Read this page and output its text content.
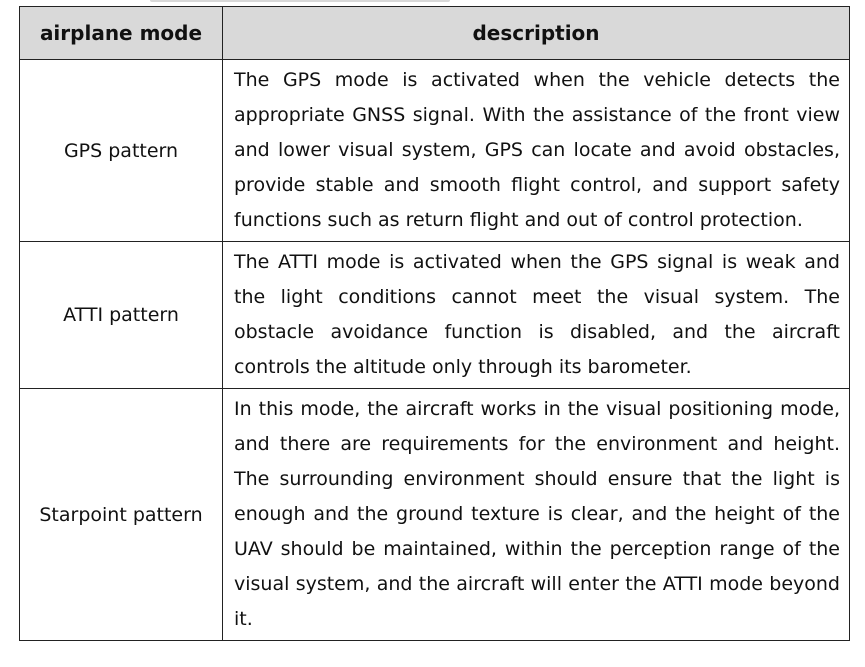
airplane mode	description
GPS pattern	The GPS mode is activated when the vehicle detects the appropriate GNSS signal. With the assistance of the front view and lower visual system, GPS can locate and avoid obstacles, provide stable and smooth flight control, and support safety functions such as return flight and out of control protection.

ATTI pattern	The ATTI mode is activated when the GPS signal is weak and the light conditions cannot meet the visual system. The obstacle avoidance function is disabled, and the aircraft controls the altitude only through its barometer.

Starpoint pattern	In this mode, the aircraft works in the visual positioning mode, and there are requirements for the environment and height. The surrounding environment should ensure that the light is enough and the ground texture is clear, and the height of the UAV should be maintained, within the perception range of the visual system, and the aircraft will enter the ATTI mode beyond it.
